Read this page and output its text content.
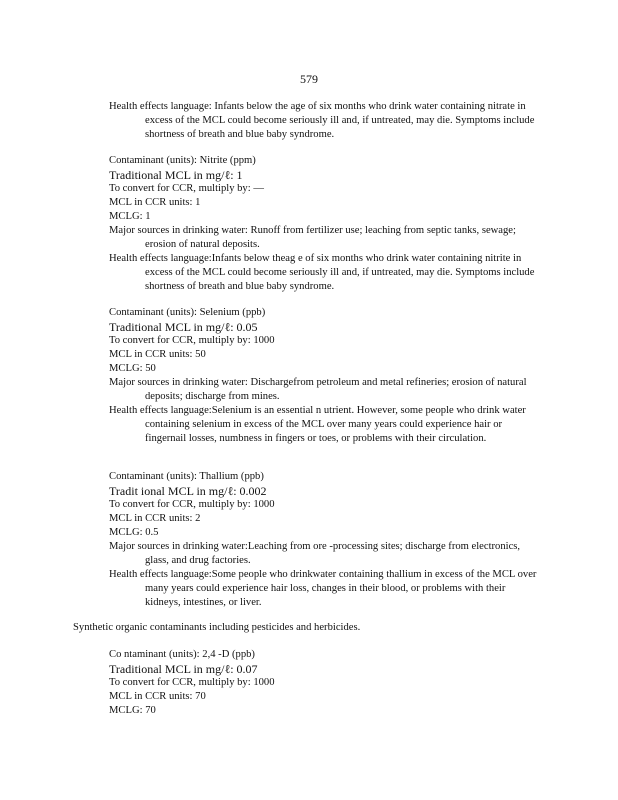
579
Health effects language: Infants below the age of six months who drink water containing nitrate in excess of the MCL could become seriously ill and, if untreated, may die. Symptoms include shortness of breath and blue baby syndrome.
Contaminant (units): Nitrite (ppm)
Traditional MCL in mg/ℓ: 1
To convert for CCR, multiply by: —
MCL in CCR units: 1
MCLG: 1
Major sources in drinking water: Runoff from fertilizer use; leaching from septic tanks, sewage; erosion of natural deposits.
Health effects language:Infants below theag e of six months who drink water containing nitrite in excess of the MCL could become seriously ill and, if untreated, may die. Symptoms include shortness of breath and blue baby syndrome.
Contaminant (units): Selenium (ppb)
Traditional MCL in mg/ℓ: 0.05
To convert for CCR, multiply by: 1000
MCL in CCR units: 50
MCLG: 50
Major sources in drinking water: Dischargefrom petroleum and metal refineries; erosion of natural deposits; discharge from mines.
Health effects language:Selenium is an essential n utrient. However, some people who drink water containing selenium in excess of the MCL over many years could experience hair or fingernail losses, numbness in fingers or toes, or problems with their circulation.
Contaminant (units): Thallium (ppb)
Tradit ional MCL in mg/ℓ: 0.002
To convert for CCR, multiply by: 1000
MCL in CCR units: 2
MCLG: 0.5
Major sources in drinking water:Leaching from ore -processing sites; discharge from electronics, glass, and drug factories.
Health effects language:Some people who drinkwater containing thallium in excess of the MCL over many years could experience hair loss, changes in their blood, or problems with their kidneys, intestines, or liver.
Synthetic organic contaminants including pesticides and herbicides.
Co ntaminant (units): 2,4 -D (ppb)
Traditional MCL in mg/ℓ: 0.07
To convert for CCR, multiply by: 1000
MCL in CCR units: 70
MCLG: 70
